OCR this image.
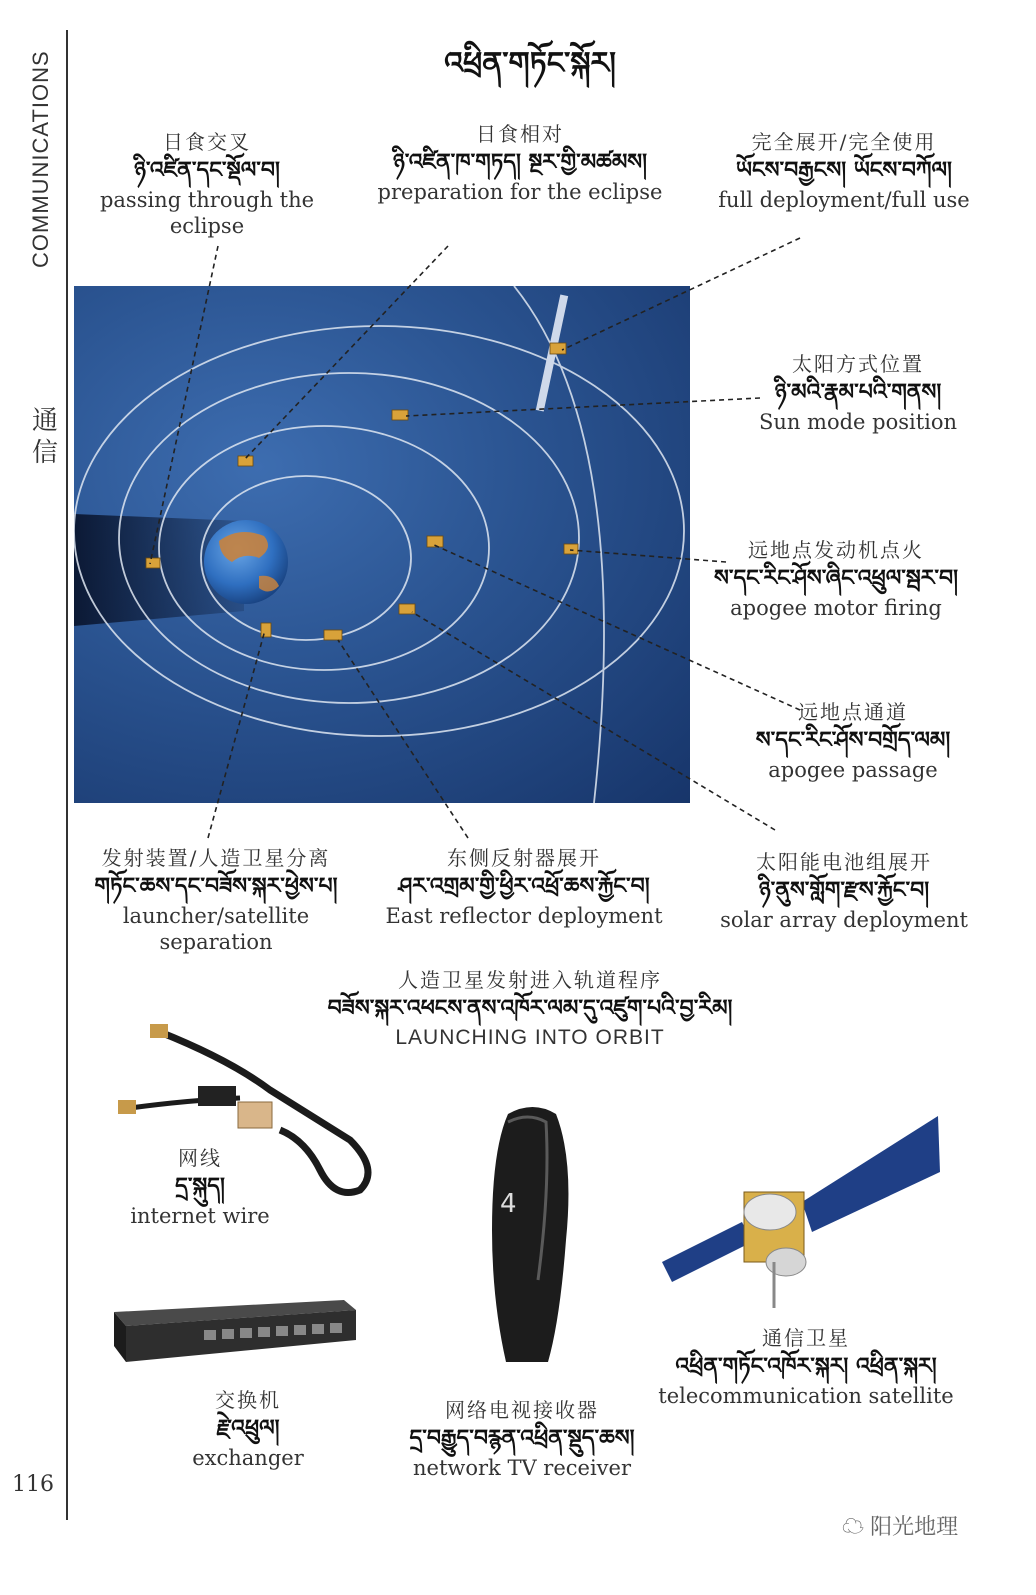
COMMUNICATIONS
通信
116
འཕྲིན་གཏོང་སྐོར།
日食交叉
ཉི་འཛིན་དང་སྡོལ་བ།
passing through the eclipse
日食相对
ཉི་འཛིན་ཁ་གཏད། སྔར་གྱི་མཚམས།
preparation for the eclipse
完全展开/完全使用
ཡོངས་བརྒྱངས། ཡོངས་བཀོལ།
full deployment/full use
太阳方式位置
ཉི་མའི་རྣམ་པའི་གནས།
Sun mode position
远地点发动机点火
ས་དང་རིང་ཤོས་ཞིང་འཕྲུལ་སྦར་བ།
apogee motor firing
远地点通道
ས་དང་རིང་ཤོས་བགྲོད་ལམ།
apogee passage
发射装置/人造卫星分离
གཏོང་ཆས་དང་བཟོས་སྐར་ཕྱེས་པ།
launcher/satellite separation
东侧反射器展开
ཤར་འགྲམ་གྱི་ཕྱིར་འཕྲོ་ཆས་རྐྱོང་བ།
East reflector deployment
太阳能电池组展开
ཉི་ནུས་གློག་རྫས་རྐྱོང་བ།
solar array deployment
人造卫星发射进入轨道程序
བཟོས་སྐར་འཕངས་ནས་འཁོར་ལམ་དུ་འཛུག་པའི་བྱ་རིམ།
LAUNCHING INTO ORBIT
网线
དྲ་སྐུད།
internet wire
交换机
རྗེ་འཕྲུལ།
exchanger
4
网络电视接收器
དྲ་བརྒྱུད་བརྙན་འཕྲིན་སྡུད་ཆས།
network TV receiver
通信卫星
འཕྲིན་གཏོང་འཁོར་སྐར། འཕྲིན་སྐར།
telecommunication satellite
☁ 阳光地理
